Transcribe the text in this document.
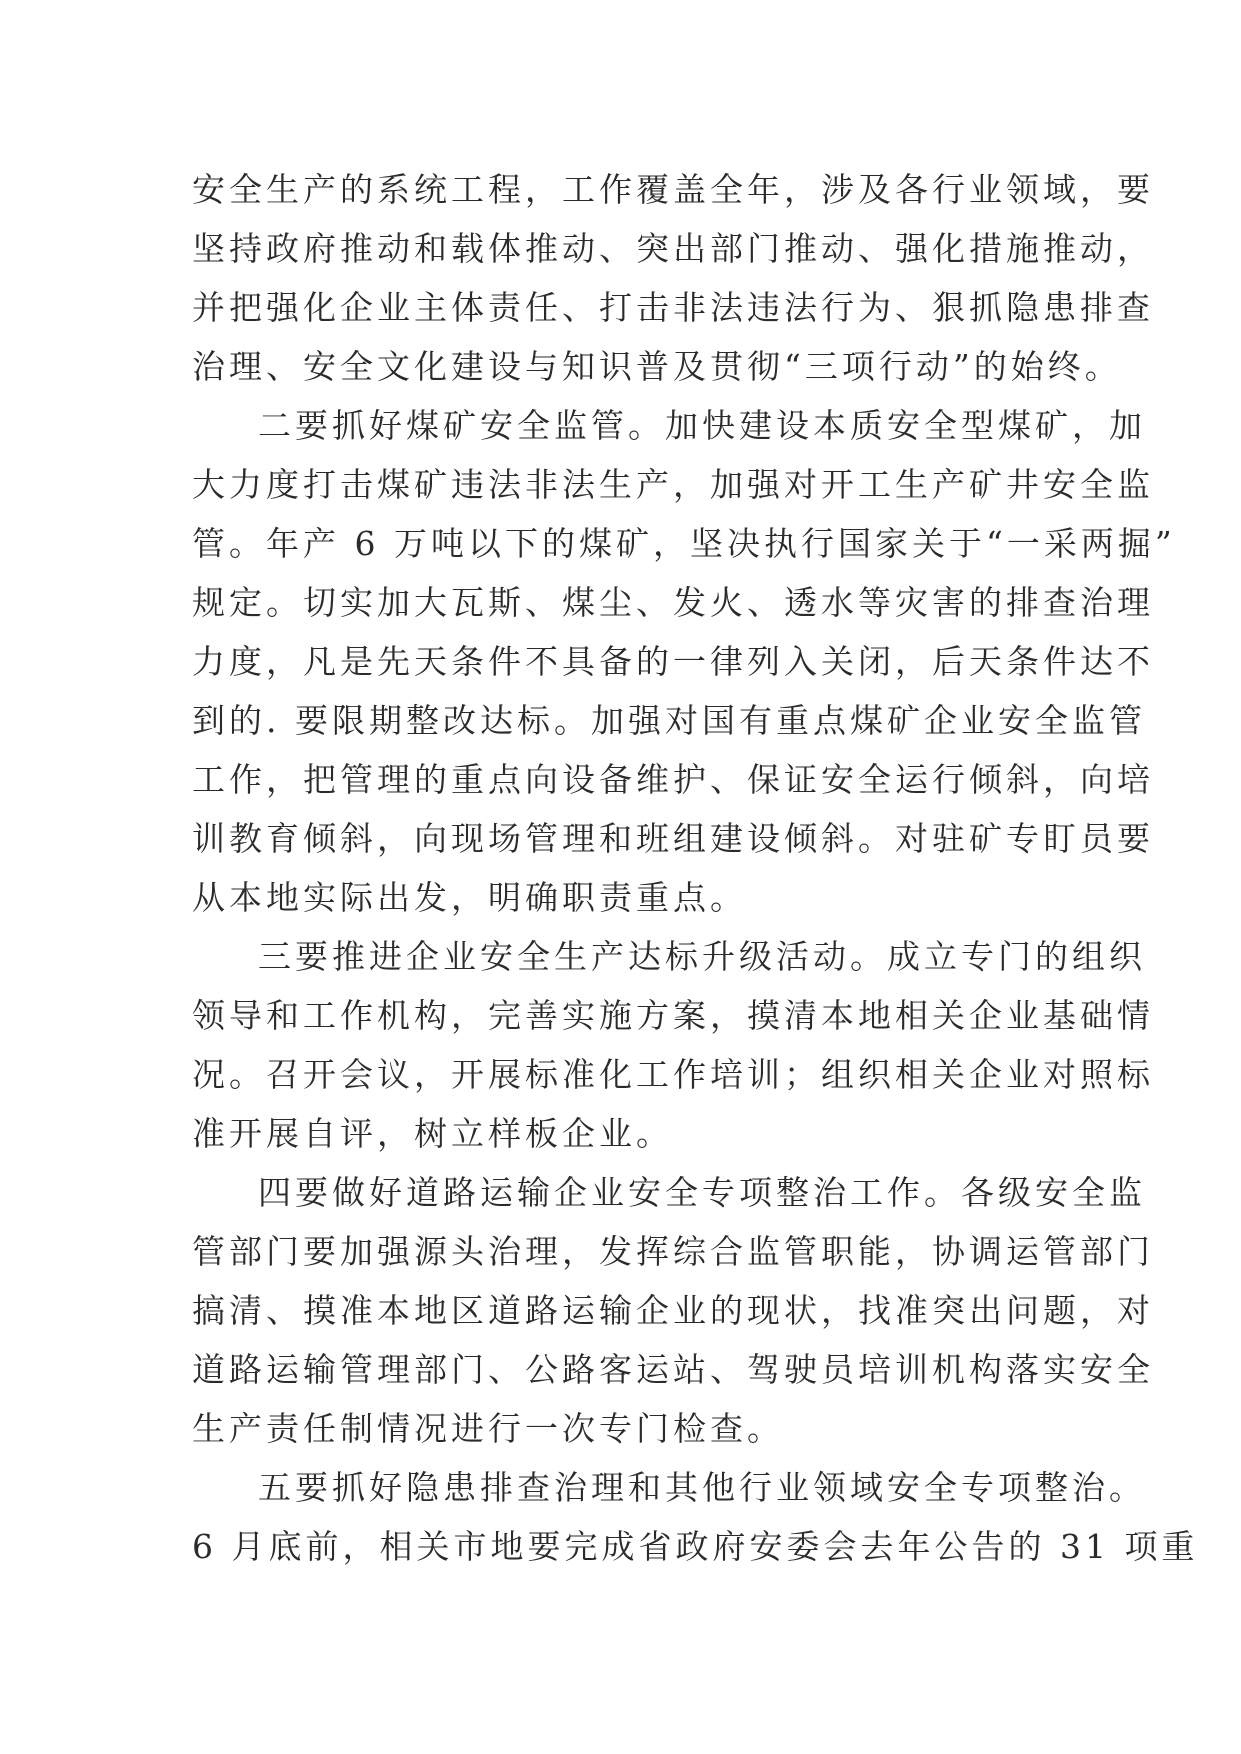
安全生产的系统工程，工作覆盖全年，涉及各行业领域，要
坚持政府推动和载体推动、突出部门推动、强化措施推动，
并把强化企业主体责任、打击非法违法行为、狠抓隐患排查
治理、安全文化建设与知识普及贯彻“三项行动”的始终。
二要抓好煤矿安全监管。加快建设本质安全型煤矿，加
大力度打击煤矿违法非法生产，加强对开工生产矿井安全监
管。年产 6 万吨以下的煤矿，坚决执行国家关于“一采两掘”
规定。切实加大瓦斯、煤尘、发火、透水等灾害的排查治理
力度，凡是先天条件不具备的一律列入关闭，后天条件达不
到的. 要限期整改达标。加强对国有重点煤矿企业安全监管
工作，把管理的重点向设备维护、保证安全运行倾斜，向培
训教育倾斜，向现场管理和班组建设倾斜。对驻矿专盯员要
从本地实际出发，明确职责重点。
三要推进企业安全生产达标升级活动。成立专门的组织
领导和工作机构，完善实施方案，摸清本地相关企业基础情
况。召开会议，开展标准化工作培训；组织相关企业对照标
准开展自评，树立样板企业。
四要做好道路运输企业安全专项整治工作。各级安全监
管部门要加强源头治理，发挥综合监管职能，协调运管部门
搞清、摸准本地区道路运输企业的现状，找准突出问题，对
道路运输管理部门、公路客运站、驾驶员培训机构落实安全
生产责任制情况进行一次专门检查。
五要抓好隐患排查治理和其他行业领域安全专项整治。
6 月底前，相关市地要完成省政府安委会去年公告的 31 项重
